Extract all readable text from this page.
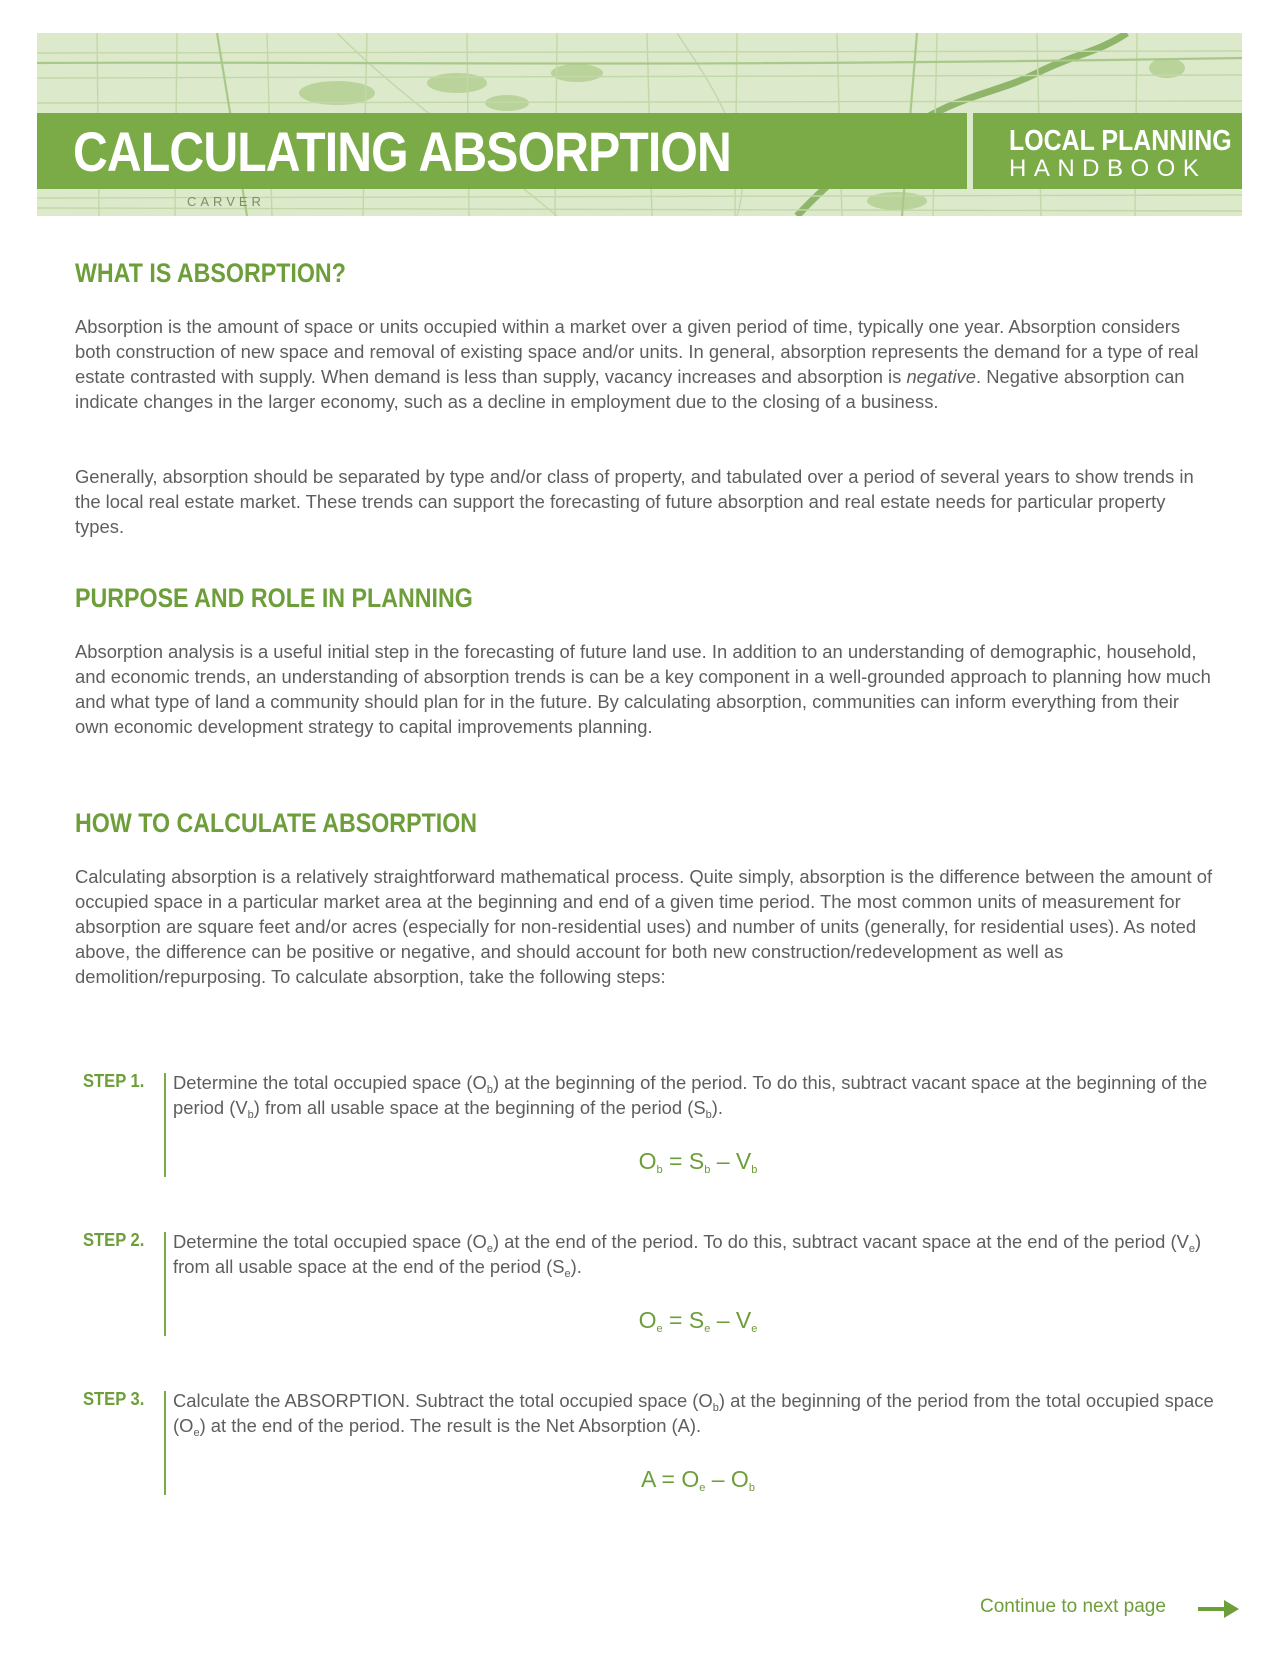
CALCULATING ABSORPTION	LOCAL PLANNING
HANDBOOK
CARVER
WHAT IS ABSORPTION?

Absorption is the amount of space or units occupied within a market over a given period of time, typically one year. Absorption considers both construction of new space and removal of existing space and/or units. In general, absorption represents the demand for a type of real estate contrasted with supply. When demand is less than supply, vacancy increases and absorption is negative. Negative absorption can indicate changes in the larger economy, such as a decline in employment due to the closing of a business.

Generally, absorption should be separated by type and/or class of property, and tabulated over a period of several years to show trends in the local real estate market. These trends can support the forecasting of future absorption and real estate needs for particular property types.

PURPOSE AND ROLE IN PLANNING

Absorption analysis is a useful initial step in the forecasting of future land use. In addition to an understanding of demographic, household, and economic trends, an understanding of absorption trends is can be a key component in a well-grounded approach to planning how much and what type of land a community should plan for in the future. By calculating absorption, communities can inform everything from their own economic development strategy to capital improvements planning.

HOW TO CALCULATE ABSORPTION

Calculating absorption is a relatively straightforward mathematical process. Quite simply, absorption is the difference between the amount of occupied space in a particular market area at the beginning and end of a given time period. The most common units of measurement for absorption are square feet and/or acres (especially for non-residential uses) and number of units (generally, for residential uses). As noted above, the difference can be positive or negative, and should account for both new construction/redevelopment as well as demolition/repurposing. To calculate absorption, take the following steps:

STEP 1. Determine the total occupied space $(O_b)$ at the beginning of the period. To do this, subtract vacant space at the beginning of the period $(V_b)$ from all usable space at the beginning of the period $(S_b)$.

$O_b = S_b - V_b$
STEP 2. Determine the total occupied space $(O_e)$ at the end of the period. To do this, subtract vacant space at the end of the period $(V_e)$ from all usable space at the end of the period $(S_e)$.

$O_e = S_e - V_e$
STEP 3. Calculate the ABSORPTION. Subtract the total occupied space $(O_b)$ at the beginning of the period from the total occupied space $(O_e)$ at the end of the period. The result is the Net Absorption (A).

$A = O_e - O_b$
Continue to next page
